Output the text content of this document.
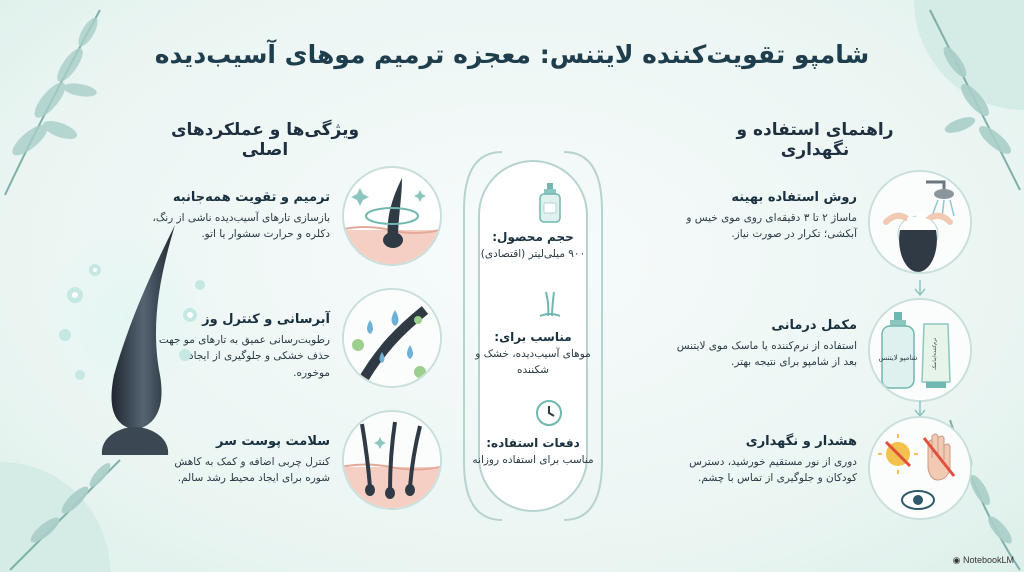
شامپو تقویت‌کننده لایتنس: معجزه ترمیم موهای آسیب‌دیده
ویژگی‌ها و عملکردهای اصلی
راهنمای استفاده و نگهداری
ترمیم و تقویت همه‌جانبه
بازسازی تارهای آسیب‌دیده ناشی از رنگ، دکلره و حرارت سشوار یا اتو.
آبرسانی و کنترل وز
رطوبت‌رسانی عمیق به تارهای مو جهت حذف خشکی و جلوگیری از ایجاد موخوره.
سلامت پوست سر
کنترل چربی اضافه و کمک به کاهش شوره برای ایجاد محیط رشد سالم.
حجم محصول:
۹۰۰ میلی‌لیتر (اقتصادی)
مناسب برای:
موهای آسیب‌دیده، خشک و شکننده
دفعات استفاده:
مناسب برای استفاده روزانه
روش استفاده بهینه
ماساژ ۲ تا ۳ دقیقه‌ای روی موی خیس و آبکشی؛ تکرار در صورت نیاز.
شامپو لایتنس	نرم‌کننده/ماسک
مکمل درمانی
استفاده از نرم‌کننده یا ماسک موی لایتنس بعد از شامپو برای نتیجه بهتر.
هشدار و نگهداری
دوری از نور مستقیم خورشید، دسترس کودکان و جلوگیری از تماس با چشم.
◉ NotebookLM
